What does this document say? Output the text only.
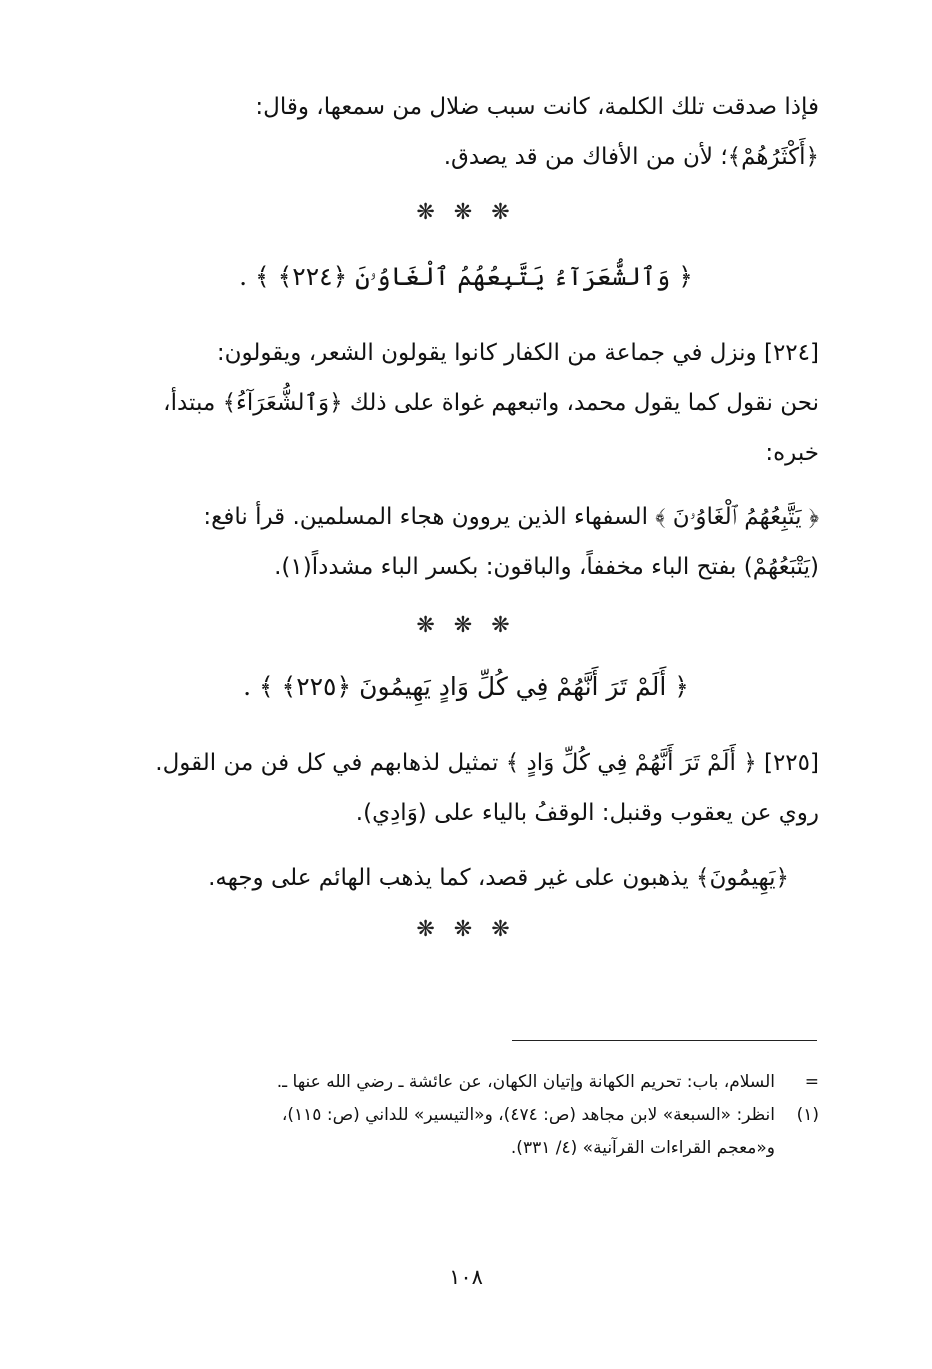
فإذا صدقت تلك الكلمة، كانت سبب ضلال من سمعها، وقال:
﴿أَكْثَرُهُمْ﴾؛ لأن من الأفاك من قد يصدق.
❋ ❋ ❋
﴿ وَٱلشُّعَرَآءُ يَتَّبِعُهُمُ ٱلْغَاوُۥنَ ﴿٢٢٤﴾ ﴾ .
[٢٢٤] ونزل في جماعة من الكفار كانوا يقولون الشعر، ويقولون:
نحن نقول كما يقول محمد، واتبعهم غواة على ذلك ﴿وَٱلشُّعَرَآءُ﴾ مبتدأ،
خبره:
﴿ يَتَّبِعُهُمُ ٱلْغَاوُۥنَ ﴾ السفهاء الذين يروون هجاء المسلمين. قرأ نافع:
(يَتْبَعُهُمْ) بفتح الباء مخففاً، والباقون: بكسر الباء مشدداً(١).
❋ ❋ ❋
﴿ أَلَمْ تَرَ أَنَّهُمْ فِي كُلِّ وَادٍ يَهِيمُونَ ﴿٢٢٥﴾ ﴾ .
[٢٢٥] ﴿ أَلَمْ تَرَ أَنَّهُمْ فِي كُلِّ وَادٍ ﴾ تمثيل لذهابهم في كل فن من القول.
روي عن يعقوب وقنبل: الوقفُ بالياء على (وَادِي).
﴿يَهِيمُونَ﴾ يذهبون على غير قصد، كما يذهب الهائم على وجهه.
❋ ❋ ❋
=السلام، باب: تحريم الكهانة وإتيان الكهان، عن عائشة ـ رضي الله عنها ـ.
(١)انظر: «السبعة» لابن مجاهد (ص: ٤٧٤)، و«التيسير» للداني (ص: ١١٥)،
و«معجم القراءات القرآنية» (٤/ ٣٣١).
١٠٨
